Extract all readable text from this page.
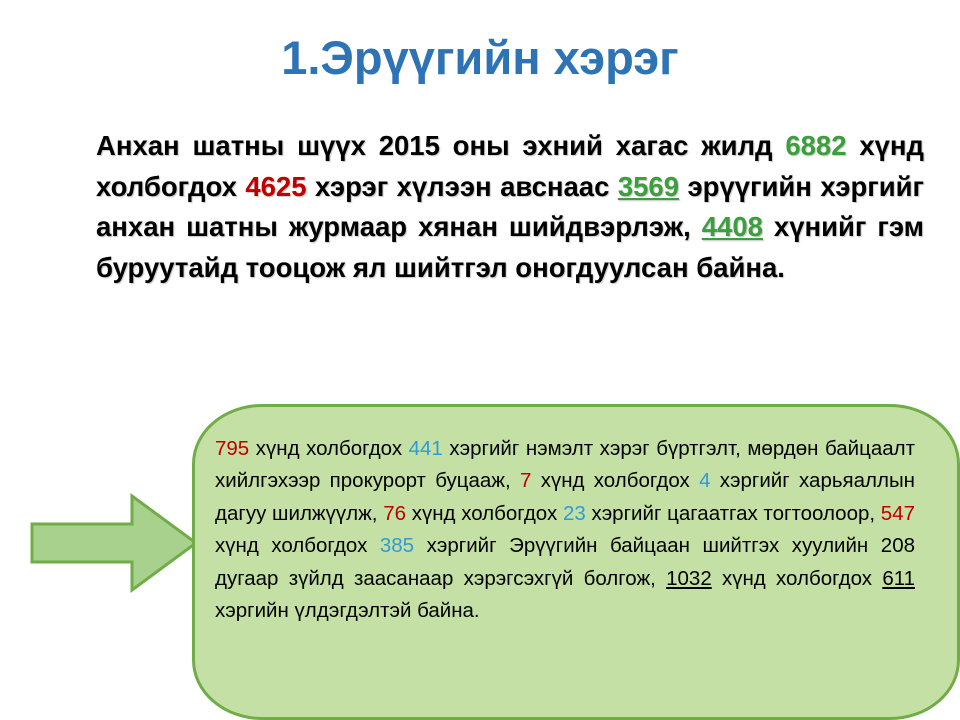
1.Эрүүгийн хэрэг
Анхан шатны шүүх 2015 оны эхний хагас жилд 6882 хүнд холбогдох 4625 хэрэг хүлээн авснаас 3569 эрүүгийн хэргийг анхан шатны журмаар хянан шийдвэрлэж, 4408 хүнийг гэм буруутайд тооцож ял шийтгэл оногдуулсан байна.
795 хүнд холбогдох 441 хэргийг нэмэлт хэрэг бүртгэлт, мөрдөн байцаалт хийлгэхээр прокурорт буцааж, 7 хүнд холбогдох 4 хэргийг харьяаллын дагуу шилжүүлж, 76 хүнд холбогдох 23 хэргийг цагаатгах тогтоолоор, 547 хүнд холбогдох 385 хэргийг Эрүүгийн байцаан шийтгэх хуулийн 208 дугаар зүйлд заасанаар хэрэгсэхгүй болгож, 1032 хүнд холбогдох 611 хэргийн үлдэгдэлтэй байна.
